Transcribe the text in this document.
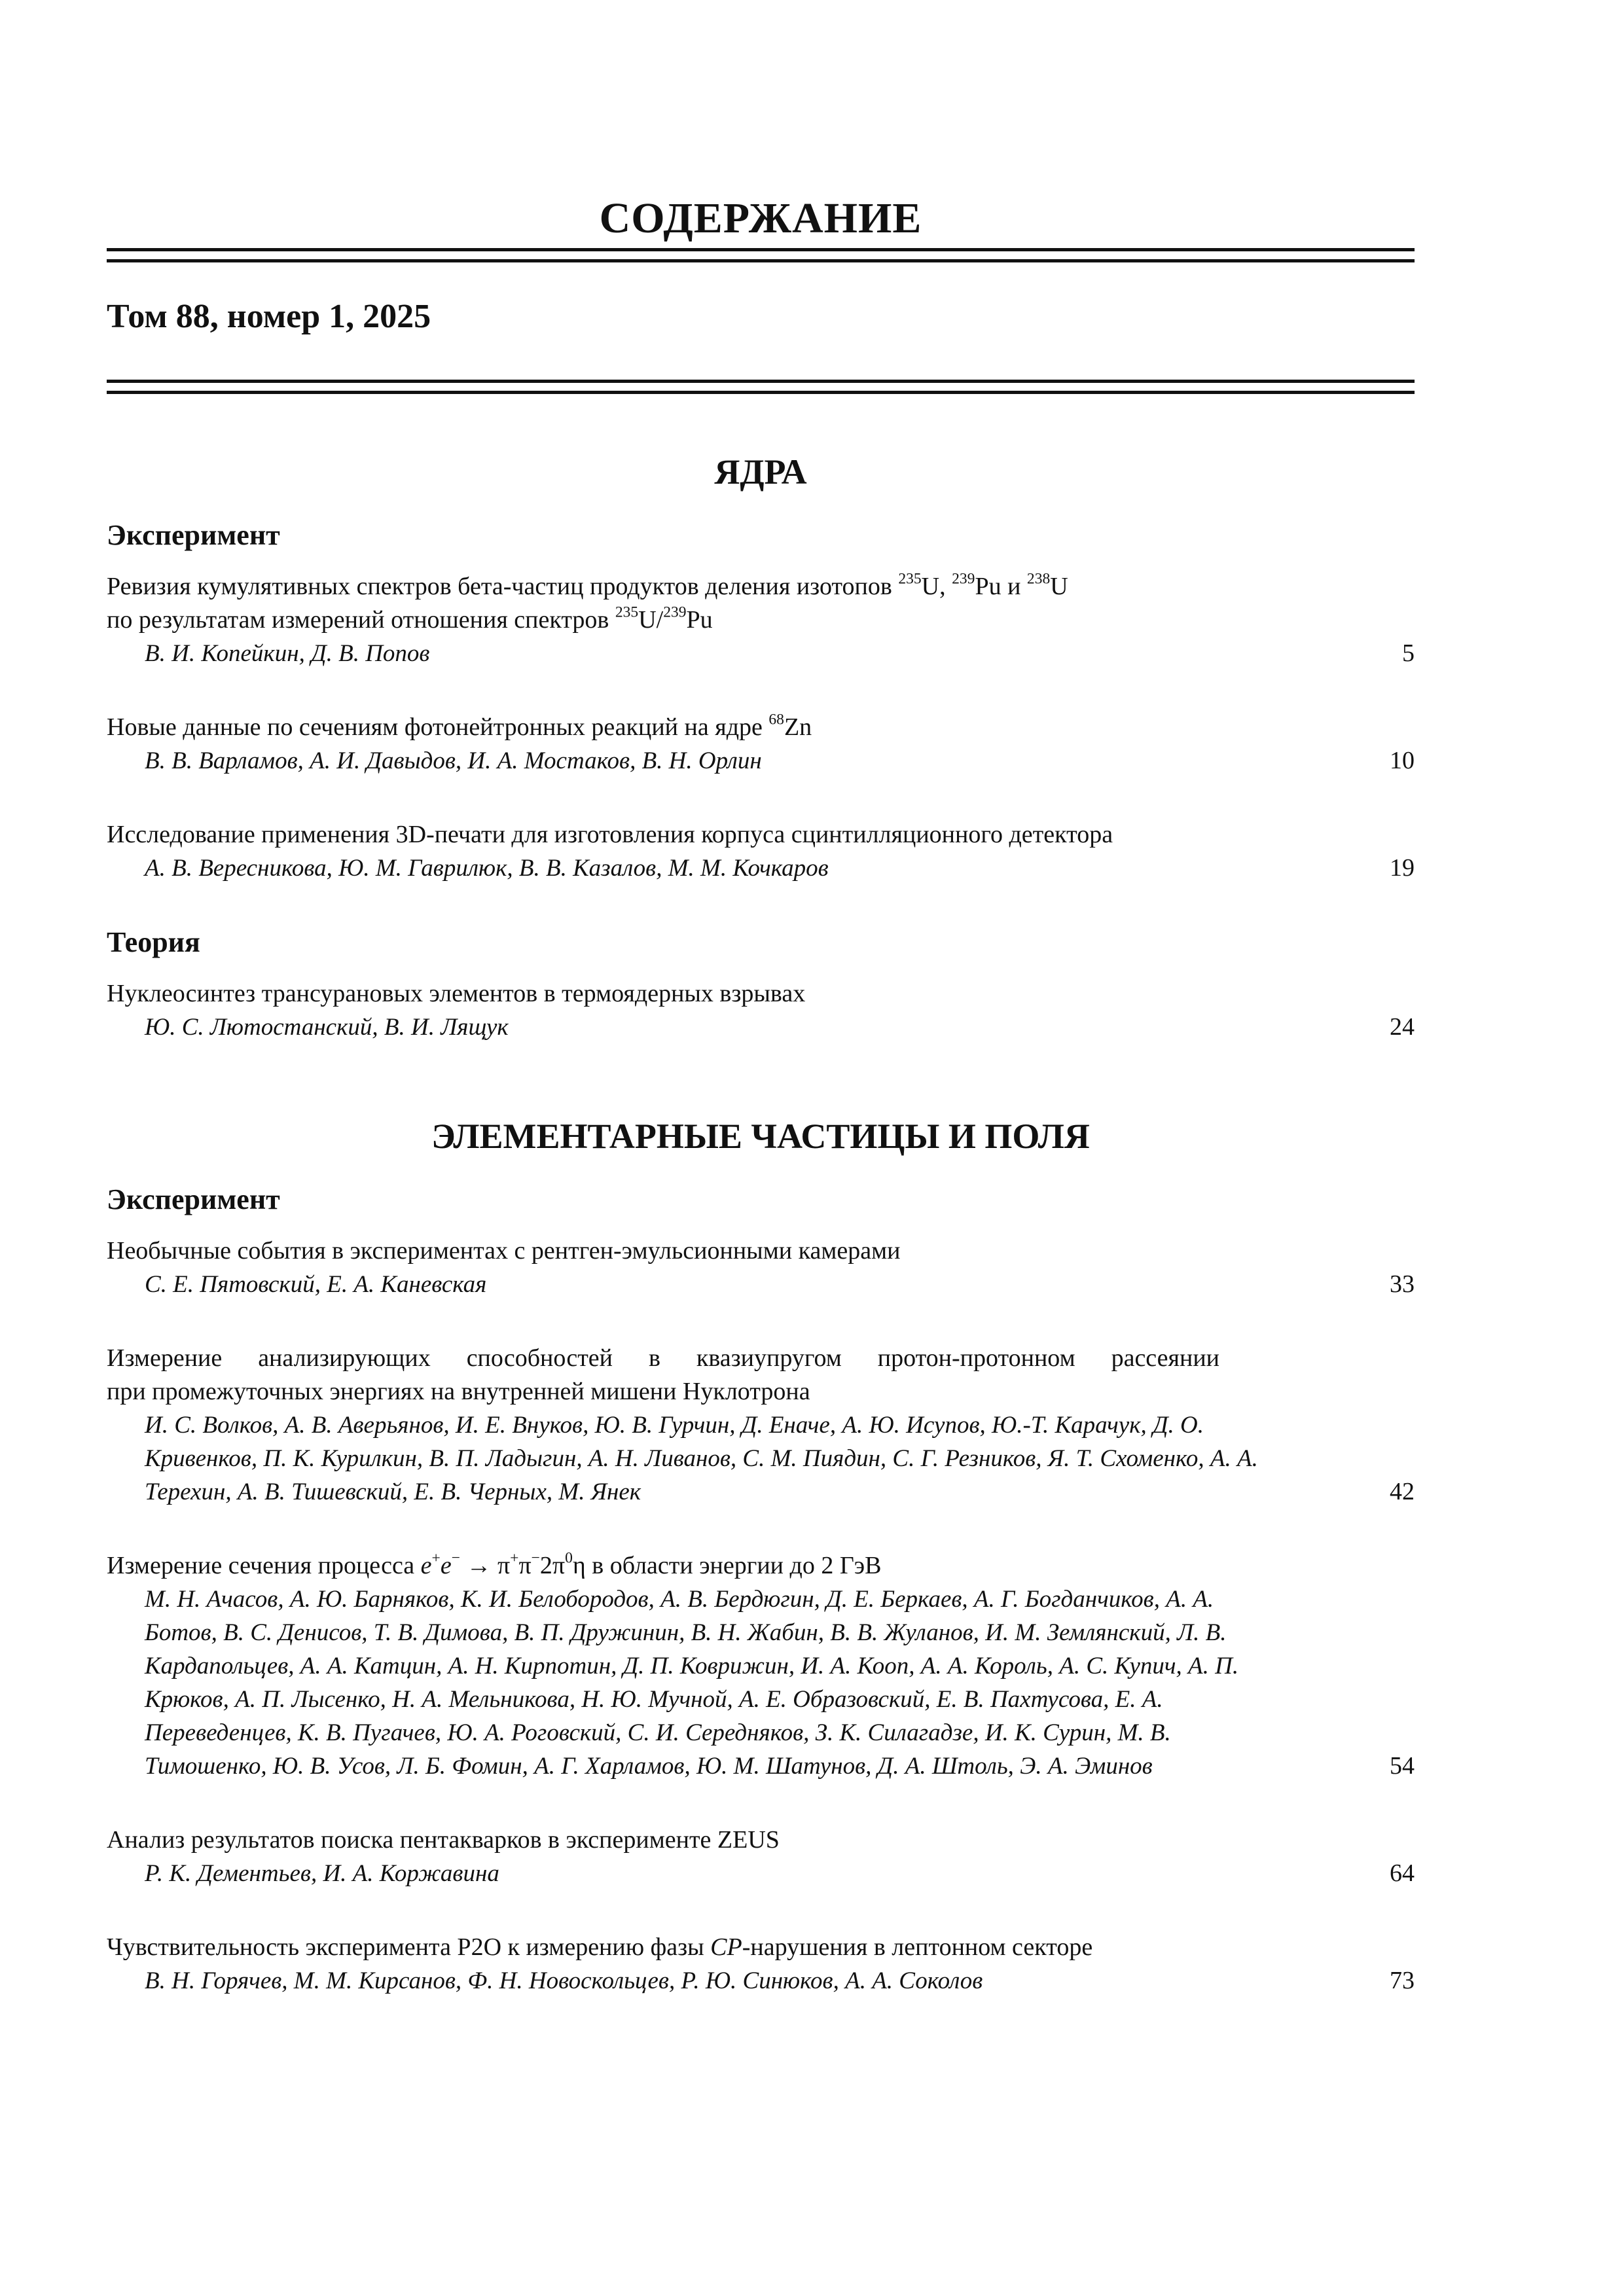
СОДЕРЖАНИЕ
Том 88, номер 1, 2025
ЯДРА
Эксперимент
Ревизия кумулятивных спектров бета-частиц продуктов деления изотопов $^{235}$U, $^{239}$Pu и $^{238}$U
по результатам измерений отношения спектров $^{235}$U/$^{239}$Pu
В. И. Копейкин, Д. В. Попов	5
Новые данные по сечениям фотонейтронных реакций на ядре $^{68}$Zn
В. В. Варламов, А. И. Давыдов, И. А. Мостаков, В. Н. Орлин	10
Исследование применения 3D-печати для изготовления корпуса сцинтилляционного детектора
А. В. Вересникова, Ю. М. Гаврилюк, В. В. Казалов, М. М. Кочкаров	19
Теория
Нуклеосинтез трансурановых элементов в термоядерных взрывах
Ю. С. Лютостанский, В. И. Лящук	24
ЭЛЕМЕНТАРНЫЕ ЧАСТИЦЫ И ПОЛЯ
Эксперимент
Необычные события в экспериментах с рентген-эмульсионными камерами
С. Е. Пятовский, Е. А. Каневская	33
Измерение анализирующих способностей в квазиупругом протон-протонном рассеянии
при промежуточных энергиях на внутренней мишени Нуклотрона
И. С. Волков, А. В. Аверьянов, И. Е. Внуков, Ю. В. Гурчин, Д. Еначе, А. Ю. Исупов, Ю.-Т. Карачук, Д. О. Кривенков, П. К. Курилкин, В. П. Ладыгин, А. Н. Ливанов, С. М. Пиядин, С. Г. Резников, Я. Т. Схоменко, А. А. Терехин, А. В. Тишевский, Е. В. Черных, М. Янек	42
Измерение сечения процесса $e^+e^- \to \pi^+\pi^-2\pi^0\eta$ в области энергии до 2 ГэВ
М. Н. Ачасов, А. Ю. Барняков, К. И. Белобородов, А. В. Бердюгин, Д. Е. Беркаев, А. Г. Богданчиков, А. А. Ботов, В. С. Денисов, Т. В. Димова, В. П. Дружинин, В. Н. Жабин, В. В. Жуланов, И. М. Землянский, Л. В. Кардапольцев, А. А. Катцин, А. Н. Кирпотин, Д. П. Коврижин, И. А. Кооп, А. А. Король, А. С. Купич, А. П. Крюков, А. П. Лысенко, Н. А. Мельникова, Н. Ю. Мучной, А. Е. Образовский, Е. В. Пахтусова, Е. А. Переведенцев, К. В. Пугачев, Ю. А. Роговский, С. И. Середняков, З. К. Силагадзе, И. К. Сурин, М. В. Тимошенко, Ю. В. Усов, Л. Б. Фомин, А. Г. Харламов, Ю. М. Шатунов, Д. А. Штоль, Э. А. Эминов	54
Анализ результатов поиска пентакварков в эксперименте ZEUS
Р. К. Дементьев, И. А. Коржавина	64
Чувствительность эксперимента P2O к измерению фазы CP-нарушения в лептонном секторе
В. Н. Горячев, М. М. Кирсанов, Ф. Н. Новоскольцев, Р. Ю. Синюков, А. А. Соколов	73
